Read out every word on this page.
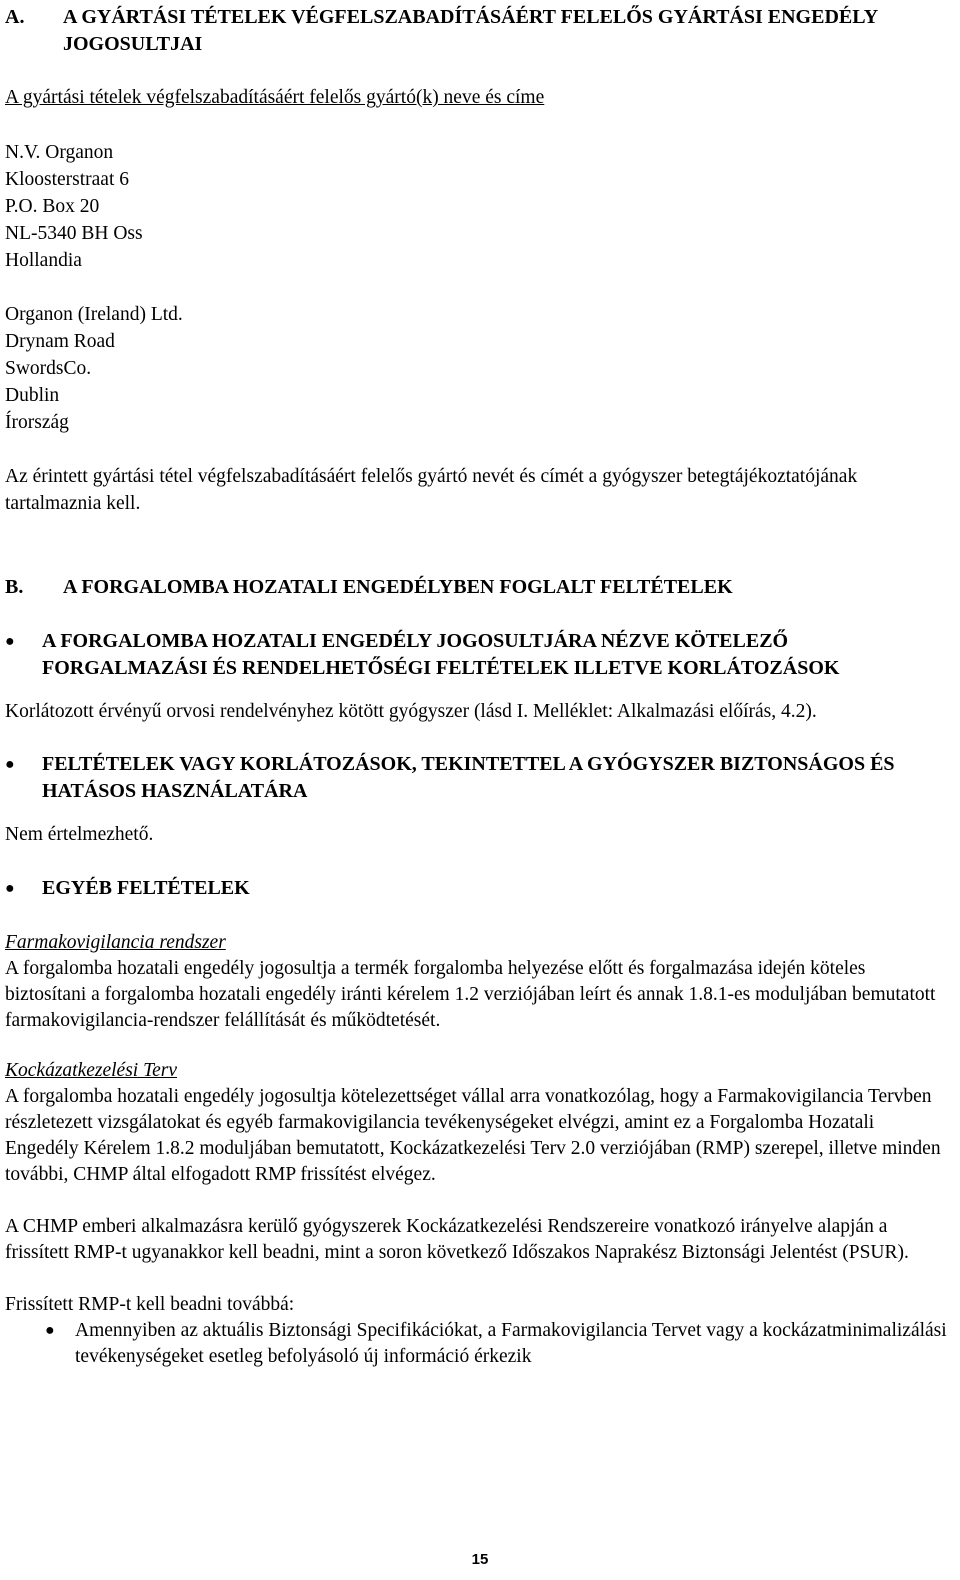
A.	A GYÁRTÁSI TÉTELEK VÉGFELSZABADÍTÁSÁÉRT FELELŐS GYÁRTÁSI ENGEDÉLY JOGOSULTJAI

A gyártási tételek végfelszabadításáért felelős gyártó(k) neve és címe

N.V. Organon

Kloosterstraat 6

P.O. Box 20

NL-5340 BH Oss

Hollandia

Organon (Ireland) Ltd.

Drynam Road

SwordsCo.

Dublin

Írország

Az érintett gyártási tétel végfelszabadításáért felelős gyártó nevét és címét a gyógyszer betegtájékoztatójának tartalmaznia kell.

B.	A FORGALOMBA HOZATALI ENGEDÉLYBEN FOGLALT FELTÉTELEK
●	A FORGALOMBA HOZATALI ENGEDÉLY JOGOSULTJÁRA NÉZVE KÖTELEZŐ FORGALMAZÁSI ÉS RENDELHETŐSÉGI FELTÉTELEK ILLETVE KORLÁTOZÁSOK

Korlátozott érvényű orvosi rendelvényhez kötött gyógyszer (lásd I. Melléklet: Alkalmazási előírás, 4.2).

●	FELTÉTELEK VAGY KORLÁTOZÁSOK, TEKINTETTEL A GYÓGYSZER BIZTONSÁGOS ÉS HATÁSOS HASZNÁLATÁRA

Nem értelmezhető.

●	EGYÉB FELTÉTELEK

Farmakovigilancia rendszer

A forgalomba hozatali engedély jogosultja a termék forgalomba helyezése előtt és forgalmazása idején köteles biztosítani a forgalomba hozatali engedély iránti kérelem 1.2 verziójában leírt és annak 1.8.1-es moduljában bemutatott farmakovigilancia-rendszer felállítását és működtetését.

Kockázatkezelési Terv

A forgalomba hozatali engedély jogosultja kötelezettséget vállal arra vonatkozólag, hogy a Farmakovigilancia Tervben részletezett vizsgálatokat és egyéb farmakovigilancia tevékenységeket elvégzi, amint ez a Forgalomba Hozatali Engedély Kérelem 1.8.2 moduljában bemutatott, Kockázatkezelési Terv 2.0 verziójában (RMP) szerepel, illetve minden további, CHMP által elfogadott RMP frissítést elvégez.

A CHMP emberi alkalmazásra kerülő gyógyszerek Kockázatkezelési Rendszereire vonatkozó irányelve alapján a frissített RMP-t ugyanakkor kell beadni, mint a soron következő Időszakos Naprakész Biztonsági Jelentést (PSUR).

Frissített RMP-t kell beadni továbbá:

●	Amennyiben az aktuális Biztonsági Specifikációkat, a Farmakovigilancia Tervet vagy a kockázatminimalizálási tevékenységeket esetleg befolyásoló új információ érkezik
15
